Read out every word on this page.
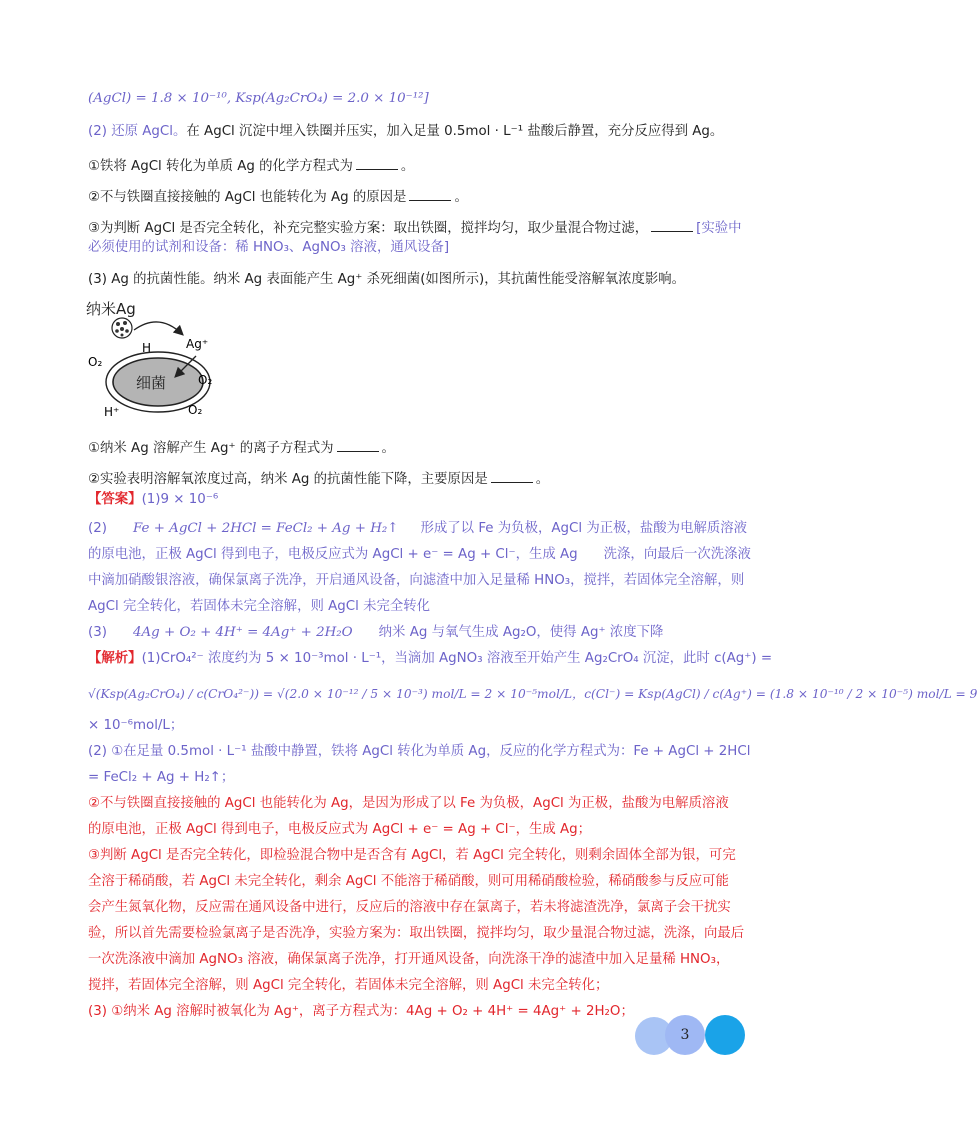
(AgCl) = 1.8 × 10⁻¹⁰, Ksp(Ag₂CrO₄) = 2.0 × 10⁻¹²]
(2) 还原 AgCl。在 AgCl 沉淀中埋入铁圈并压实，加入足量 0.5mol · L⁻¹ 盐酸后静置，充分反应得到 Ag。
①铁将 AgCl 转化为单质 Ag 的化学方程式为	。
②不与铁圈直接接触的 AgCl 也能转化为 Ag 的原因是	。
③为判断 AgCl 是否完全转化，补充完整实验方案：取出铁圈，搅拌均匀，取少量混合物过滤，	[实验中
必须使用的试剂和设备：稀 HNO₃、AgNO₃ 溶液，通风设备]
(3) Ag 的抗菌性能。纳米 Ag 表面能产生 Ag⁺ 杀死细菌(如图所示)，其抗菌性能受溶解氧浓度影响。
纳米Ag
H	Ag⁺
细菌
O₂
O₂
H⁺	O₂
①纳米 Ag 溶解产生 Ag⁺ 的离子方程式为	。
②实验表明溶解氧浓度过高，纳米 Ag 的抗菌性能下降，主要原因是	。
【答案】(1)9 × 10⁻⁶
(2) Fe + AgCl + 2HCl = FeCl₂ + Ag + H₂↑ 形成了以 Fe 为负极，AgCl 为正极，盐酸为电解质溶液
的原电池，正极 AgCl 得到电子，电极反应式为 AgCl + e⁻ = Ag + Cl⁻，生成 Ag 洗涤，向最后一次洗涤液
中滴加硝酸银溶液，确保氯离子洗净，开启通风设备，向滤渣中加入足量稀 HNO₃，搅拌，若固体完全溶解，则
AgCl 完全转化，若固体未完全溶解，则 AgCl 未完全转化
(3) 4Ag + O₂ + 4H⁺ = 4Ag⁺ + 2H₂O 纳米 Ag 与氧气生成 Ag₂O，使得 Ag⁺ 浓度下降
【解析】(1)CrO₄²⁻ 浓度约为 5 × 10⁻³mol · L⁻¹，当滴加 AgNO₃ 溶液至开始产生 Ag₂CrO₄ 沉淀，此时 c(Ag⁺) =
√(Ksp(Ag₂CrO₄) / c(CrO₄²⁻)) = √(2.0 × 10⁻¹² / 5 × 10⁻³) mol/L = 2 × 10⁻⁵mol/L，c(Cl⁻) = Ksp(AgCl) / c(Ag⁺) = (1.8 × 10⁻¹⁰ / 2 × 10⁻⁵) mol/L = 9
× 10⁻⁶mol/L；
(2) ①在足量 0.5mol · L⁻¹ 盐酸中静置，铁将 AgCl 转化为单质 Ag，反应的化学方程式为：Fe + AgCl + 2HCl
= FeCl₂ + Ag + H₂↑；
②不与铁圈直接接触的 AgCl 也能转化为 Ag，是因为形成了以 Fe 为负极，AgCl 为正极，盐酸为电解质溶液
的原电池，正极 AgCl 得到电子，电极反应式为 AgCl + e⁻ = Ag + Cl⁻，生成 Ag；
③判断 AgCl 是否完全转化，即检验混合物中是否含有 AgCl，若 AgCl 完全转化，则剩余固体全部为银，可完
全溶于稀硝酸，若 AgCl 未完全转化，剩余 AgCl 不能溶于稀硝酸，则可用稀硝酸检验，稀硝酸参与反应可能
会产生氮氧化物，反应需在通风设备中进行，反应后的溶液中存在氯离子，若未将滤渣洗净，氯离子会干扰实
验，所以首先需要检验氯离子是否洗净，实验方案为：取出铁圈，搅拌均匀，取少量混合物过滤，洗涤，向最后
一次洗涤液中滴加 AgNO₃ 溶液，确保氯离子洗净，打开通风设备，向洗涤干净的滤渣中加入足量稀 HNO₃，
搅拌，若固体完全溶解，则 AgCl 完全转化，若固体未完全溶解，则 AgCl 未完全转化；
(3) ①纳米 Ag 溶解时被氧化为 Ag⁺，离子方程式为：4Ag + O₂ + 4H⁺ = 4Ag⁺ + 2H₂O；
3
